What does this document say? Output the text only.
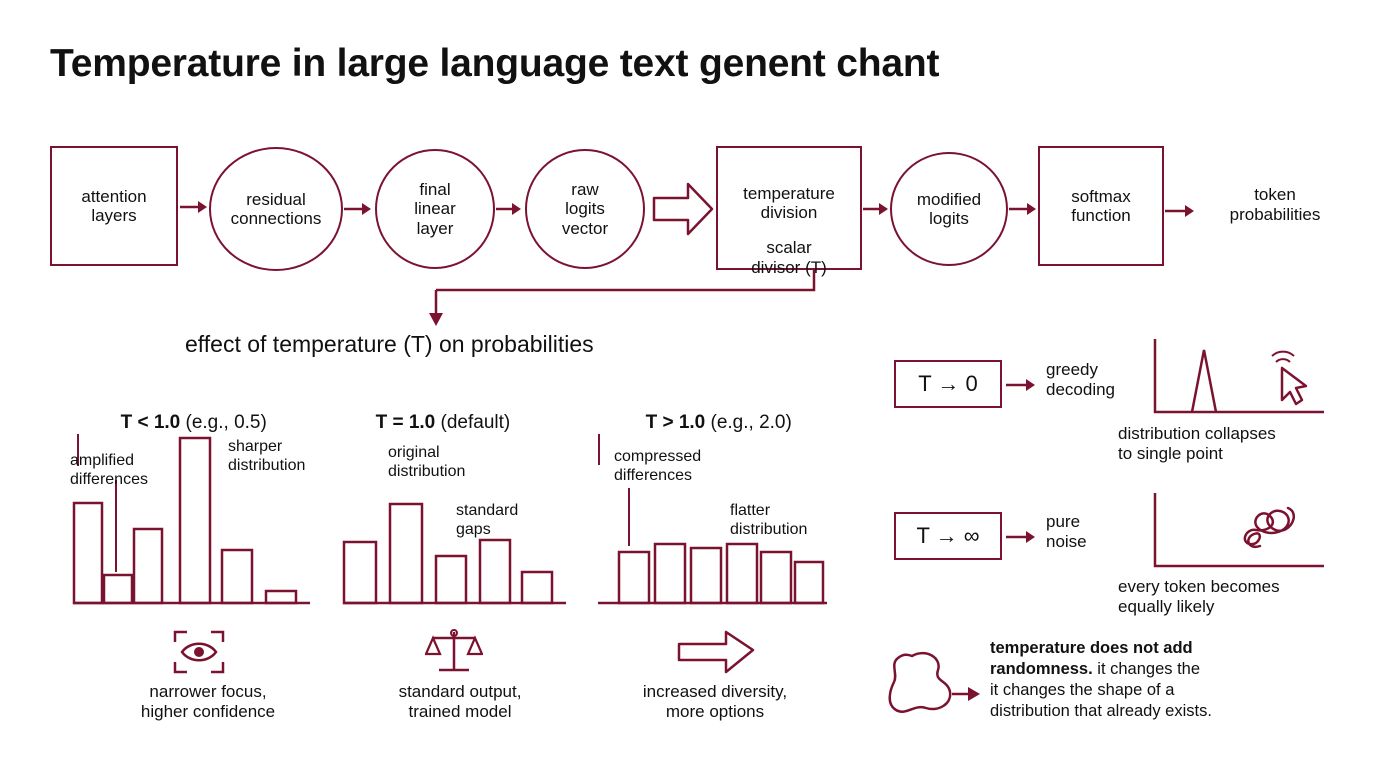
Temperature in large language text genent chant
attention
layers
residual
connections
final
linear
layer
raw
logits
vector
temperature
division
scalar
divisor (T)
modified
logits
softmax
function
token
probabilities
effect of temperature (T) on probabilities

T < 1.0 (e.g., 0.5)

amplified
differences
sharper
distribution
narrower focus,
higher confidence

T = 1.0 (default)

original
distribution
standard
gaps
standard output,
trained model

T > 1.0 (e.g., 2.0)

compressed
differences
flatter
distribution
increased diversity,
more options
T → 0
greedy
decoding
distribution collapses
to single point
T → ∞
pure
noise
every token becomes
equally likely
temperature does not add
randomness. it changes the
it changes the shape of a
distribution that already exists.
